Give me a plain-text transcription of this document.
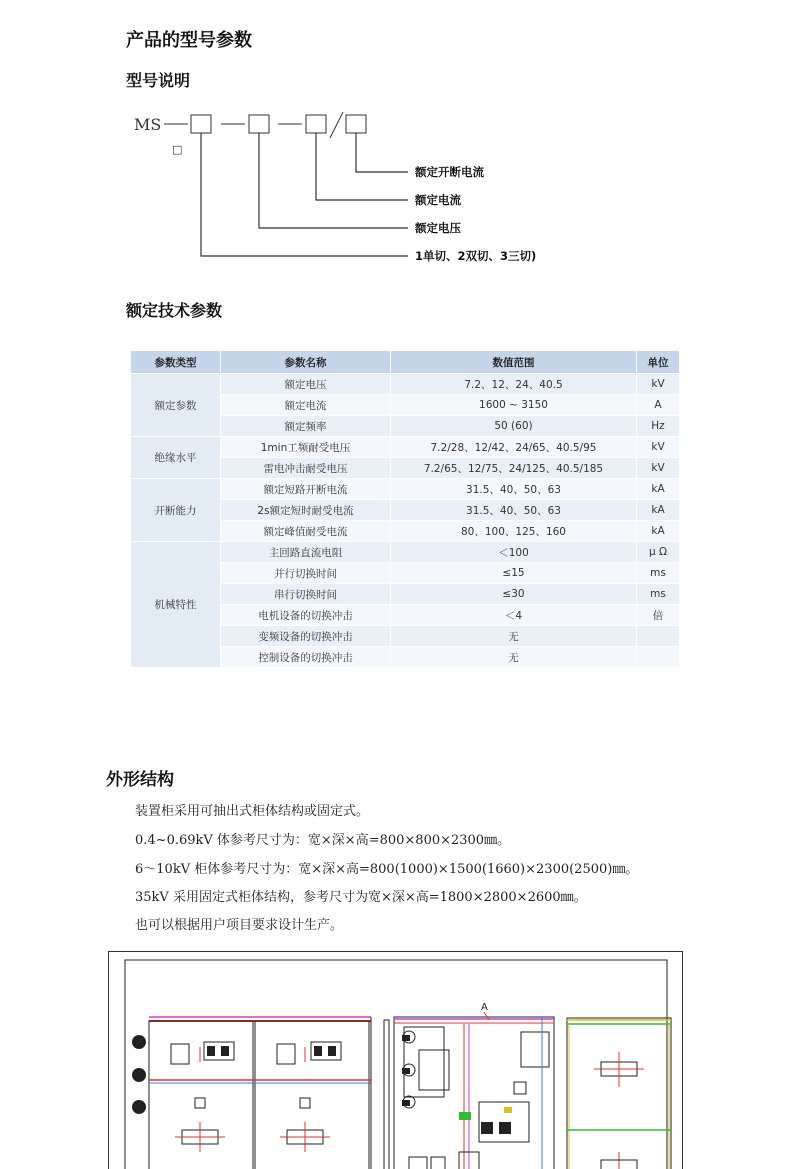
产品的型号参数
型号说明
MS
□
额定开断电流
额定电流
额定电压
1单切、2双切、3三切)
额定技术参数
参数类型	参数名称	数值范围	单位
额定参数	额定电压	7.2、12、24、40.5	kV
	额定电流	1600 ~ 3150	A
	额定频率	50 (60)	Hz
绝缘水平	1min工频耐受电压	7.2/28、12/42、24/65、40.5/95	kV
	雷电冲击耐受电压	7.2/65、12/75、24/125、40.5/185	kV
开断能力	额定短路开断电流	31.5、40、50、63	kA
	2s额定短时耐受电流	31.5、40、50、63	kA
	额定峰值耐受电流	80、100、125、160	kA
机械特性	主回路直流电阻	＜100	μ Ω
	并行切换时间	≤15	ms
	串行切换时间	≤30	ms
	电机设备的切换冲击	＜4	倍
	变频设备的切换冲击	无	
	控制设备的切换冲击	无	
外形结构
装置柜采用可抽出式柜体结构或固定式。
0.4~0.69kV 体参考尺寸为：宽×深×高=800×800×2300㎜。
6～10kV 柜体参考尺寸为：宽×深×高=800(1000)×1500(1660)×2300(2500)㎜。
35kV 采用固定式柜体结构，参考尺寸为宽×深×高=1800×2800×2600㎜。
也可以根据用户项目要求设计生产。
A
